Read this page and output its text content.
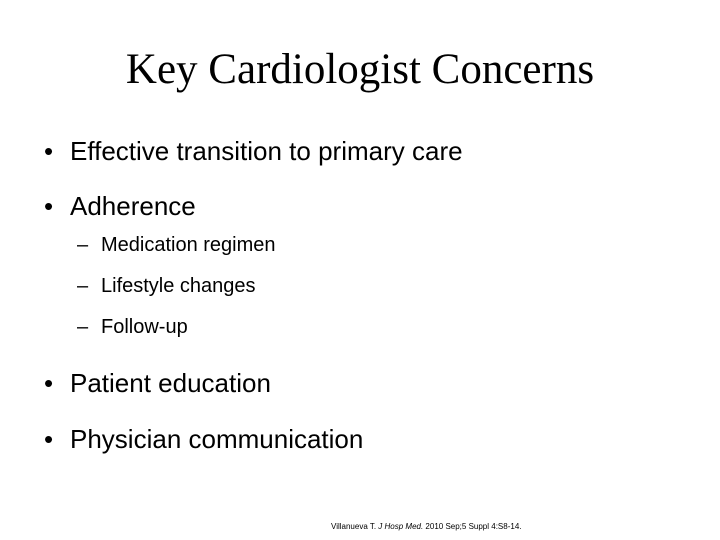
Key Cardiologist Concerns
• Effective transition to primary care
• Adherence
– Medication regimen
– Lifestyle changes
– Follow-up
• Patient education
• Physician communication
Villanueva T. J Hosp Med. 2010 Sep;5 Suppl 4:S8-14.
